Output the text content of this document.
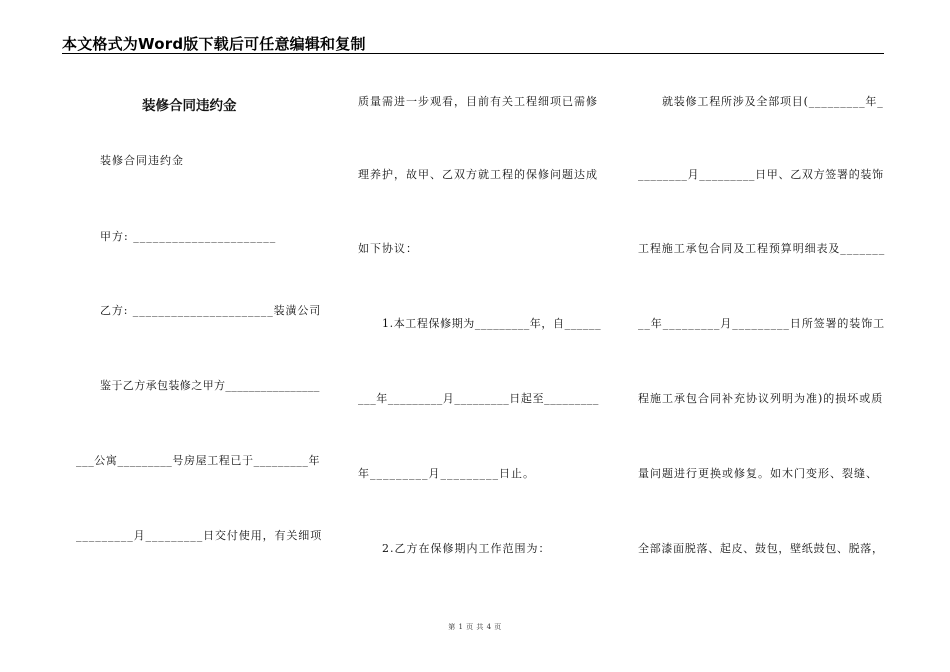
本文格式为Word版下载后可任意编辑和复制
装修合同违约金
装修合同违约金
甲方: ______________________
乙方: ______________________装潢公司
鉴于乙方承包装修之甲方________________
___公寓_________号房屋工程已于_________年
_________月_________日交付使用，有关细项
质量需进一步观看，目前有关工程细项已需修
理养护，故甲、乙双方就工程的保修问题达成
如下协议：
1.本工程保修期为_________年，自______
___年_________月_________日起至_________
年_________月_________日止。
2.乙方在保修期内工作范围为：
就装修工程所涉及全部项目(_________年_
________月_________日甲、乙双方签署的装饰
工程施工承包合同及工程预算明细表及_______
__年_________月_________日所签署的装饰工
程施工承包合同补充协议列明为准)的损坏或质
量问题进行更换或修复。如木门变形、裂缝、
全部漆面脱落、起皮、鼓包，壁纸鼓包、脱落，
第 1 页 共 4 页
